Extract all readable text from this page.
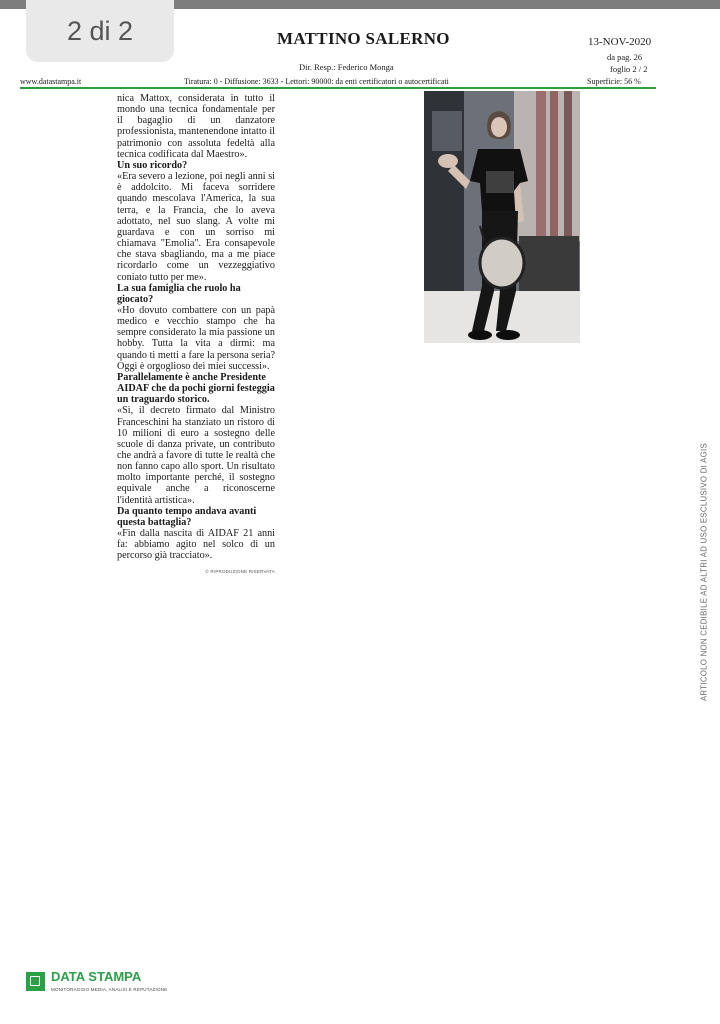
2 di 2	MATTINO SALERNO
Dir. Resp.: Federico Monga
13-NOV-2020
da pag. 26
foglio 2 / 2
www.datastampa.it	Tiratura: 0 - Diffusione: 3633 - Lettori: 90000: da enti certificatori o autocertificati	Superficie: 56 %

nica Mattox, considerata in tutto il mondo una tecnica fondamentale per il bagaglio di un danzatore professionista, mantenendone intatto il patrimonio con assoluta fedeltà alla tecnica codificata dal Maestro».

Un suo ricordo?

«Era severo a lezione, poi negli anni si è addolcito. Mi faceva sorridere quando mescolava l'America, la sua terra, e la Francia, che lo aveva adottato, nel suo slang. A volte mi guardava e con un sorriso mi chiamava "Emolia". Era consapevole che stava sbagliando, ma a me piace ricordarlo come un vezzeggiativo coniato tutto per me».

La sua famiglia che ruolo ha giocato?

«Ho dovuto combattere con un papà medico e vecchio stampo che ha sempre considerato la mia passione un hobby. Tutta la vita a dirmi: ma quando ti metti a fare la persona seria? Oggi è orgoglioso dei miei successi».

Parallelamente è anche Presidente AIDAF che da pochi giorni festeggia un traguardo storico.

«Sì, il decreto firmato dal Ministro Franceschini ha stanziato un ristoro di 10 milioni di euro a sostegno delle scuole di danza private, un contributo che andrà a favore di tutte le realtà che non fanno capo allo sport. Un risultato molto importante perché, il sostegno equivale anche a riconoscerne l'identità artistica».

Da quanto tempo andava avanti questa battaglia?

«Fin dalla nascita di AIDAF 21 anni fa: abbiamo agito nel solco di un percorso già tracciato».

© RIPRODUZIONE RISERVATA	ARTICOLO NON CEDIBILE AD ALTRI AD USO ESCLUSIVO DI AGIS
DATA STAMPA
MONITORAGGIO MEDIA, ANALISI E REPUTAZIONE
